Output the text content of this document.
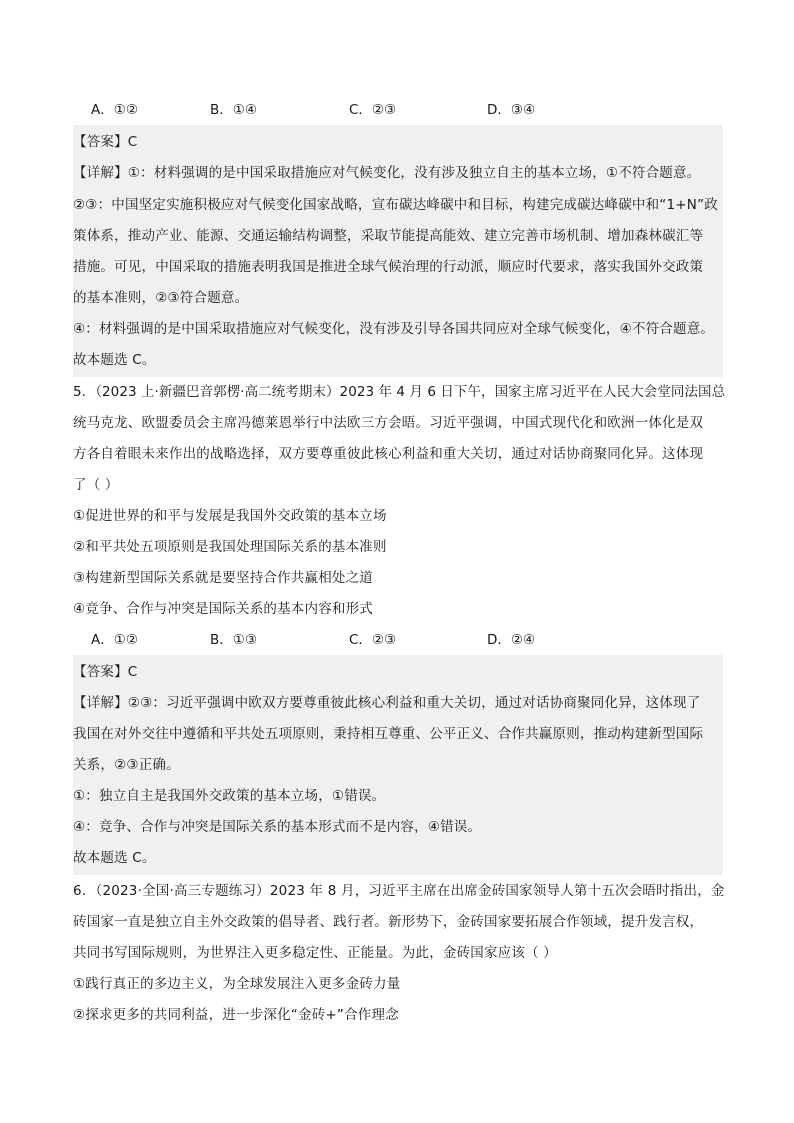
A．①②	B．①④	C．②③	D．③④
【答案】C
【详解】①：材料强调的是中国采取措施应对气候变化，没有涉及独立自主的基本立场，①不符合题意。
②③：中国坚定实施积极应对气候变化国家战略，宣布碳达峰碳中和目标，构建完成碳达峰碳中和“1+N”政
策体系，推动产业、能源、交通运输结构调整，采取节能提高能效、建立完善市场机制、增加森林碳汇等
措施。可见，中国采取的措施表明我国是推进全球气候治理的行动派，顺应时代要求，落实我国外交政策
的基本准则，②③符合题意。
④：材料强调的是中国采取措施应对气候变化，没有涉及引导各国共同应对全球气候变化，④不符合题意。
故本题选 C。
5．（2023 上·新疆巴音郭楞·高二统考期末）2023 年 4 月 6 日下午，国家主席习近平在人民大会堂同法国总
统马克龙、欧盟委员会主席冯德莱恩举行中法欧三方会晤。习近平强调，中国式现代化和欧洲一体化是双
方各自着眼未来作出的战略选择，双方要尊重彼此核心利益和重大关切，通过对话协商聚同化异。这体现
了（ ）
①促进世界的和平与发展是我国外交政策的基本立场
②和平共处五项原则是我国处理国际关系的基本准则
③构建新型国际关系就是要坚持合作共赢相处之道
④竞争、合作与冲突是国际关系的基本内容和形式
A．①②	B．①③	C．②③	D．②④
【答案】C
【详解】②③：习近平强调中欧双方要尊重彼此核心利益和重大关切，通过对话协商聚同化异，这体现了
我国在对外交往中遵循和平共处五项原则，秉持相互尊重、公平正义、合作共赢原则，推动构建新型国际
关系，②③正确。
①：独立自主是我国外交政策的基本立场，①错误。
④：竞争、合作与冲突是国际关系的基本形式而不是内容，④错误。
故本题选 C。
6．（2023·全国·高三专题练习）2023 年 8 月，习近平主席在出席金砖国家领导人第十五次会晤时指出，金
砖国家一直是独立自主外交政策的倡导者、践行者。新形势下，金砖国家要拓展合作领域，提升发言权，
共同书写国际规则，为世界注入更多稳定性、正能量。为此，金砖国家应该（ ）
①践行真正的多边主义，为全球发展注入更多金砖力量
②探求更多的共同利益，进一步深化“金砖+”合作理念
